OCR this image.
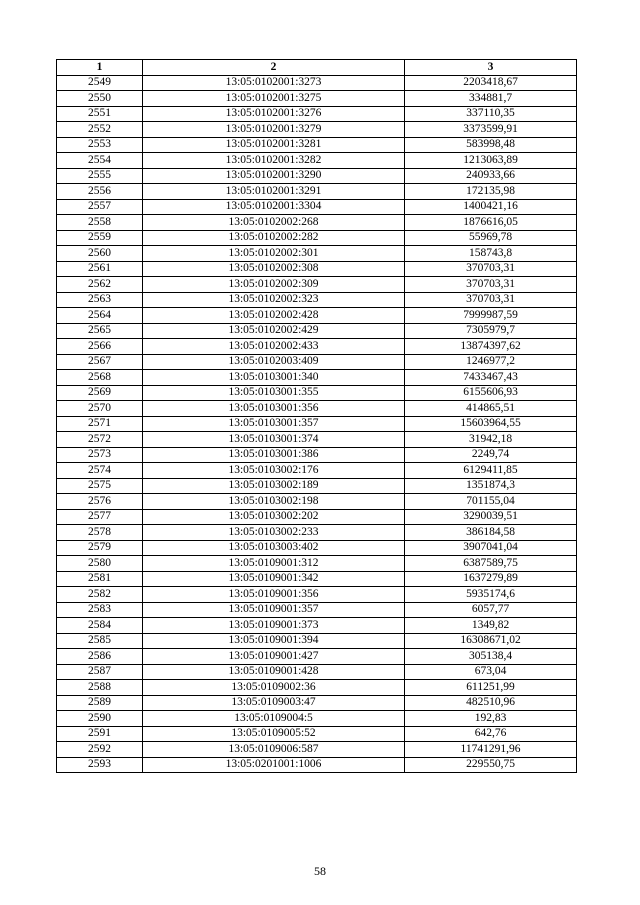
1	2	3
2549	13:05:0102001:3273	2203418,67
2550	13:05:0102001:3275	334881,7
2551	13:05:0102001:3276	337110,35
2552	13:05:0102001:3279	3373599,91
2553	13:05:0102001:3281	583998,48
2554	13:05:0102001:3282	1213063,89
2555	13:05:0102001:3290	240933,66
2556	13:05:0102001:3291	172135,98
2557	13:05:0102001:3304	1400421,16
2558	13:05:0102002:268	1876616,05
2559	13:05:0102002:282	55969,78
2560	13:05:0102002:301	158743,8
2561	13:05:0102002:308	370703,31
2562	13:05:0102002:309	370703,31
2563	13:05:0102002:323	370703,31
2564	13:05:0102002:428	7999987,59
2565	13:05:0102002:429	7305979,7
2566	13:05:0102002:433	13874397,62
2567	13:05:0102003:409	1246977,2
2568	13:05:0103001:340	7433467,43
2569	13:05:0103001:355	6155606,93
2570	13:05:0103001:356	414865,51
2571	13:05:0103001:357	15603964,55
2572	13:05:0103001:374	31942,18
2573	13:05:0103001:386	2249,74
2574	13:05:0103002:176	6129411,85
2575	13:05:0103002:189	1351874,3
2576	13:05:0103002:198	701155,04
2577	13:05:0103002:202	3290039,51
2578	13:05:0103002:233	386184,58
2579	13:05:0103003:402	3907041,04
2580	13:05:0109001:312	6387589,75
2581	13:05:0109001:342	1637279,89
2582	13:05:0109001:356	5935174,6
2583	13:05:0109001:357	6057,77
2584	13:05:0109001:373	1349,82
2585	13:05:0109001:394	16308671,02
2586	13:05:0109001:427	305138,4
2587	13:05:0109001:428	673,04
2588	13:05:0109002:36	611251,99
2589	13:05:0109003:47	482510,96
2590	13:05:0109004:5	192,83
2591	13:05:0109005:52	642,76
2592	13:05:0109006:587	11741291,96
2593	13:05:0201001:1006	229550,75
58
